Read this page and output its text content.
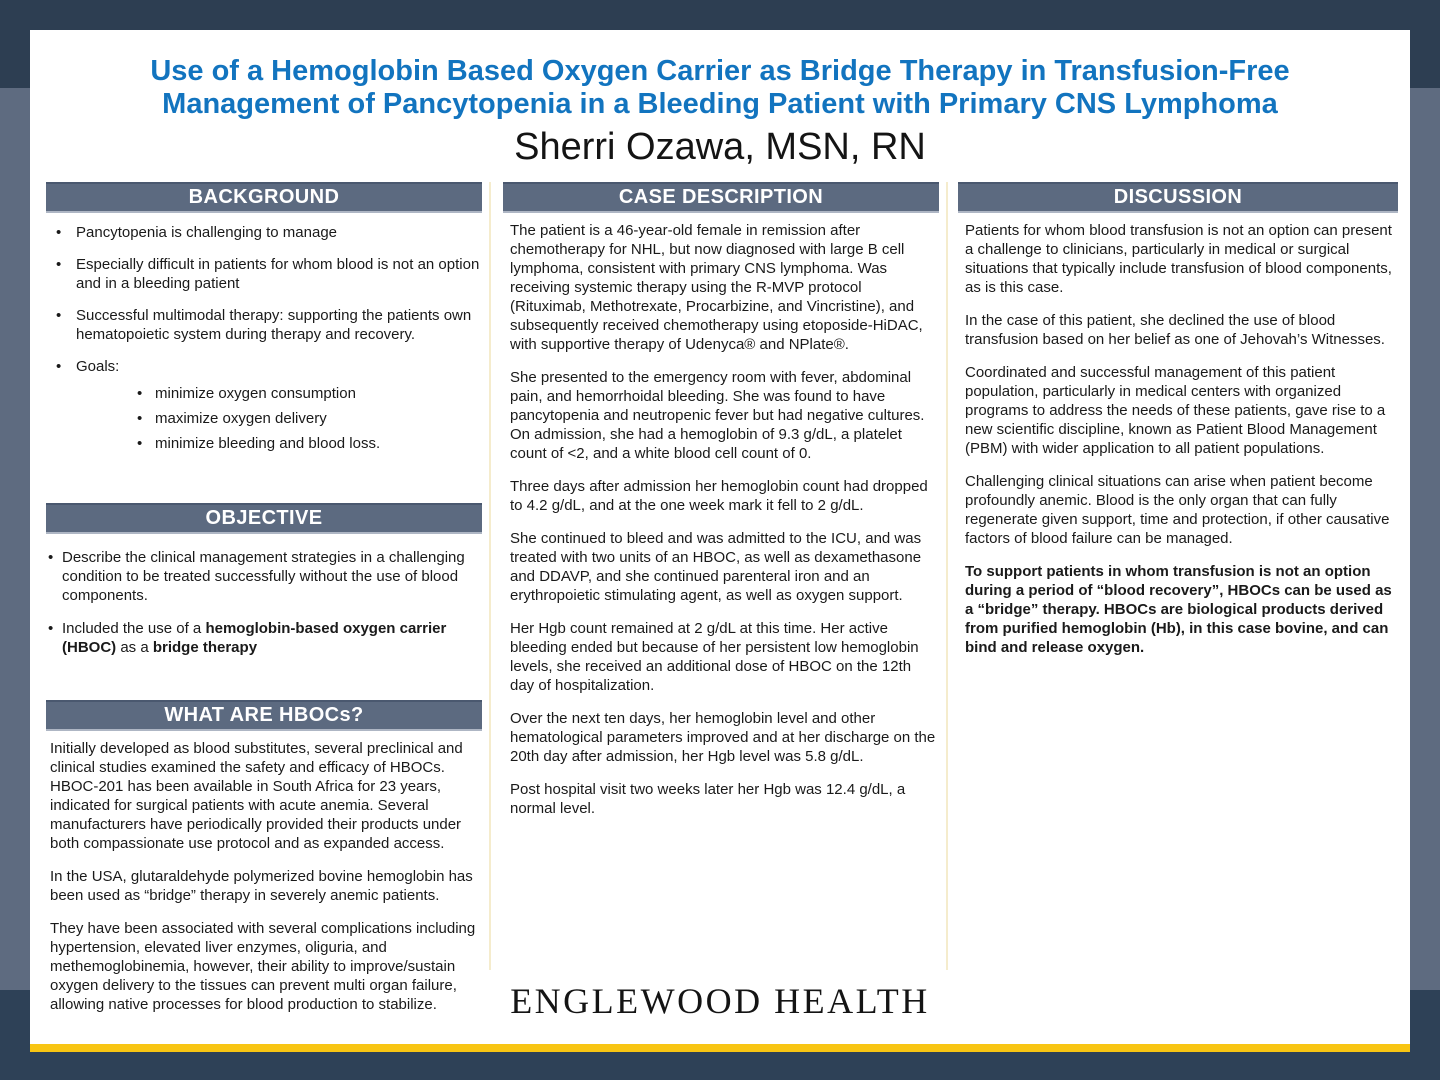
Use of a Hemoglobin Based Oxygen Carrier as Bridge Therapy in Transfusion-Free
Management of Pancytopenia in a Bleeding Patient with Primary CNS Lymphoma
Sherri Ozawa, MSN, RN
BACKGROUND
• Pancytopenia is challenging to manage
• Especially difficult in patients for whom blood is not an option and in a bleeding patient
• Successful multimodal therapy: supporting the patients own hematopoietic system during therapy and recovery.
• Goals:
• minimize oxygen consumption
• maximize oxygen delivery
• minimize bleeding and blood loss.
OBJECTIVE
• Describe the clinical management strategies in a challenging condition to be treated successfully without the use of blood components.
• Included the use of a hemoglobin-based oxygen carrier (HBOC) as a bridge therapy
WHAT ARE HBOCs?

Initially developed as blood substitutes, several preclinical and clinical studies examined the safety and efficacy of HBOCs. HBOC-201 has been available in South Africa for 23 years, indicated for surgical patients with acute anemia. Several manufacturers have periodically provided their products under both compassionate use protocol and as expanded access.

In the USA, glutaraldehyde polymerized bovine hemoglobin has been used as “bridge” therapy in severely anemic patients.

They have been associated with several complications including hypertension, elevated liver enzymes, oliguria, and methemoglobinemia, however, their ability to improve/sustain oxygen delivery to the tissues can prevent multi organ failure, allowing native processes for blood production to stabilize.

CASE DESCRIPTION

The patient is a 46-year-old female in remission after chemotherapy for NHL, but now diagnosed with large B cell lymphoma, consistent with primary CNS lymphoma. Was receiving systemic therapy using the R-MVP protocol (Rituximab, Methotrexate, Procarbizine, and Vincristine), and subsequently received chemotherapy using etoposide-HiDAC, with supportive therapy of Udenyca® and NPlate®.

She presented to the emergency room with fever, abdominal pain, and hemorrhoidal bleeding. She was found to have pancytopenia and neutropenic fever but had negative cultures. On admission, she had a hemoglobin of 9.3 g/dL, a platelet count of <2, and a white blood cell count of 0.

Three days after admission her hemoglobin count had dropped to 4.2 g/dL, and at the one week mark it fell to 2 g/dL.

She continued to bleed and was admitted to the ICU, and was treated with two units of an HBOC, as well as dexamethasone and DDAVP, and she continued parenteral iron and an erythropoietic stimulating agent, as well as oxygen support.

Her Hgb count remained at 2 g/dL at this time. Her active bleeding ended but because of her persistent low hemoglobin levels, she received an additional dose of HBOC on the 12th day of hospitalization.

Over the next ten days, her hemoglobin level and other hematological parameters improved and at her discharge on the 20th day after admission, her Hgb level was 5.8 g/dL.

Post hospital visit two weeks later her Hgb was 12.4 g/dL, a normal level.

DISCUSSION

Patients for whom blood transfusion is not an option can present a challenge to clinicians, particularly in medical or surgical situations that typically include transfusion of blood components, as is this case.

In the case of this patient, she declined the use of blood transfusion based on her belief as one of Jehovah’s Witnesses.

Coordinated and successful management of this patient population, particularly in medical centers with organized programs to address the needs of these patients, gave rise to a new scientific discipline, known as Patient Blood Management (PBM) with wider application to all patient populations.

Challenging clinical situations can arise when patient become profoundly anemic. Blood is the only organ that can fully regenerate given support, time and protection, if other causative factors of blood failure can be managed.

To support patients in whom transfusion is not an option during a period of “blood recovery”, HBOCs can be used as a “bridge” therapy. HBOCs are biological products derived from purified hemoglobin (Hb), in this case bovine, and can bind and release oxygen.

ENGLEWOOD HEALTH
